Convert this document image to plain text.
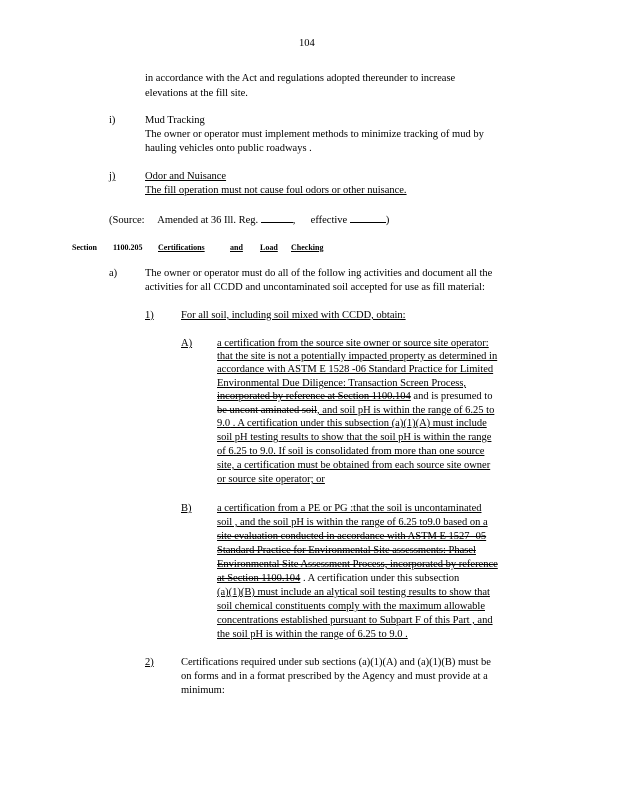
104
in accordance with the Act and regulations adopted thereunder to increase
elevations at the fill site.
i)	Mud Tracking
The owner or operator must implement methods to minimize tracking of mud by
hauling vehicles onto public roadways .
j)	Odor and Nuisance
The fill operation must not cause foul odors or other nuisance.
(Source: Amended at 36 Ill. Reg.	,  effective	)
Section 1100.205 Certifications	and Load Checking
a)	The owner or operator must do all of the follow ing activities and document all the
activities for all CCDD and uncontaminated soil accepted for use as fill material:
1)	For all soil, including soil mixed with CCDD, obtain:
A) a certification from the source site owner or source site operator:
that the site is not a potentially impacted property as determined in
accordance with ASTM E 1528 -06 Standard Practice for Limited
Environmental Due Diligence: Transaction Screen Process,
incorporated by reference at Section 1100.104 and is presumed to
be uncont aminated soil, and soil pH is within the range of 6.25 to
9.0 . A certification under this subsection (a)(1)(A) must include
soil pH testing results to show that the soil pH is within the range
of 6.25 to 9.0. If soil is consolidated from more than one source
site, a certification must be obtained from each source site owner
or source site operator; or
B) a certification from a PE or PG :that the soil is uncontaminated
soil , and the soil pH is within the range of 6.25 to9.0 based on a
site evaluation conducted in accordance with ASTM E 1527 -05
Standard Practice for Environmental Site assessments: Phasel
Environmental Site Assessment Process, incorporated by reference
at Section 1100.104 . A certification under this subsection
(a)(1)(B) must include an alytical soil testing results to show that
soil chemical constituents comply with the maximum allowable
concentrations established pursuant to Subpart F of this Part , and
the soil pH is within the range of 6.25 to 9.0 .
2)	Certifications required under sub sections (a)(1)(A) and (a)(1)(B) must be
on forms and in a format prescribed by the Agency and must provide at a
minimum:
